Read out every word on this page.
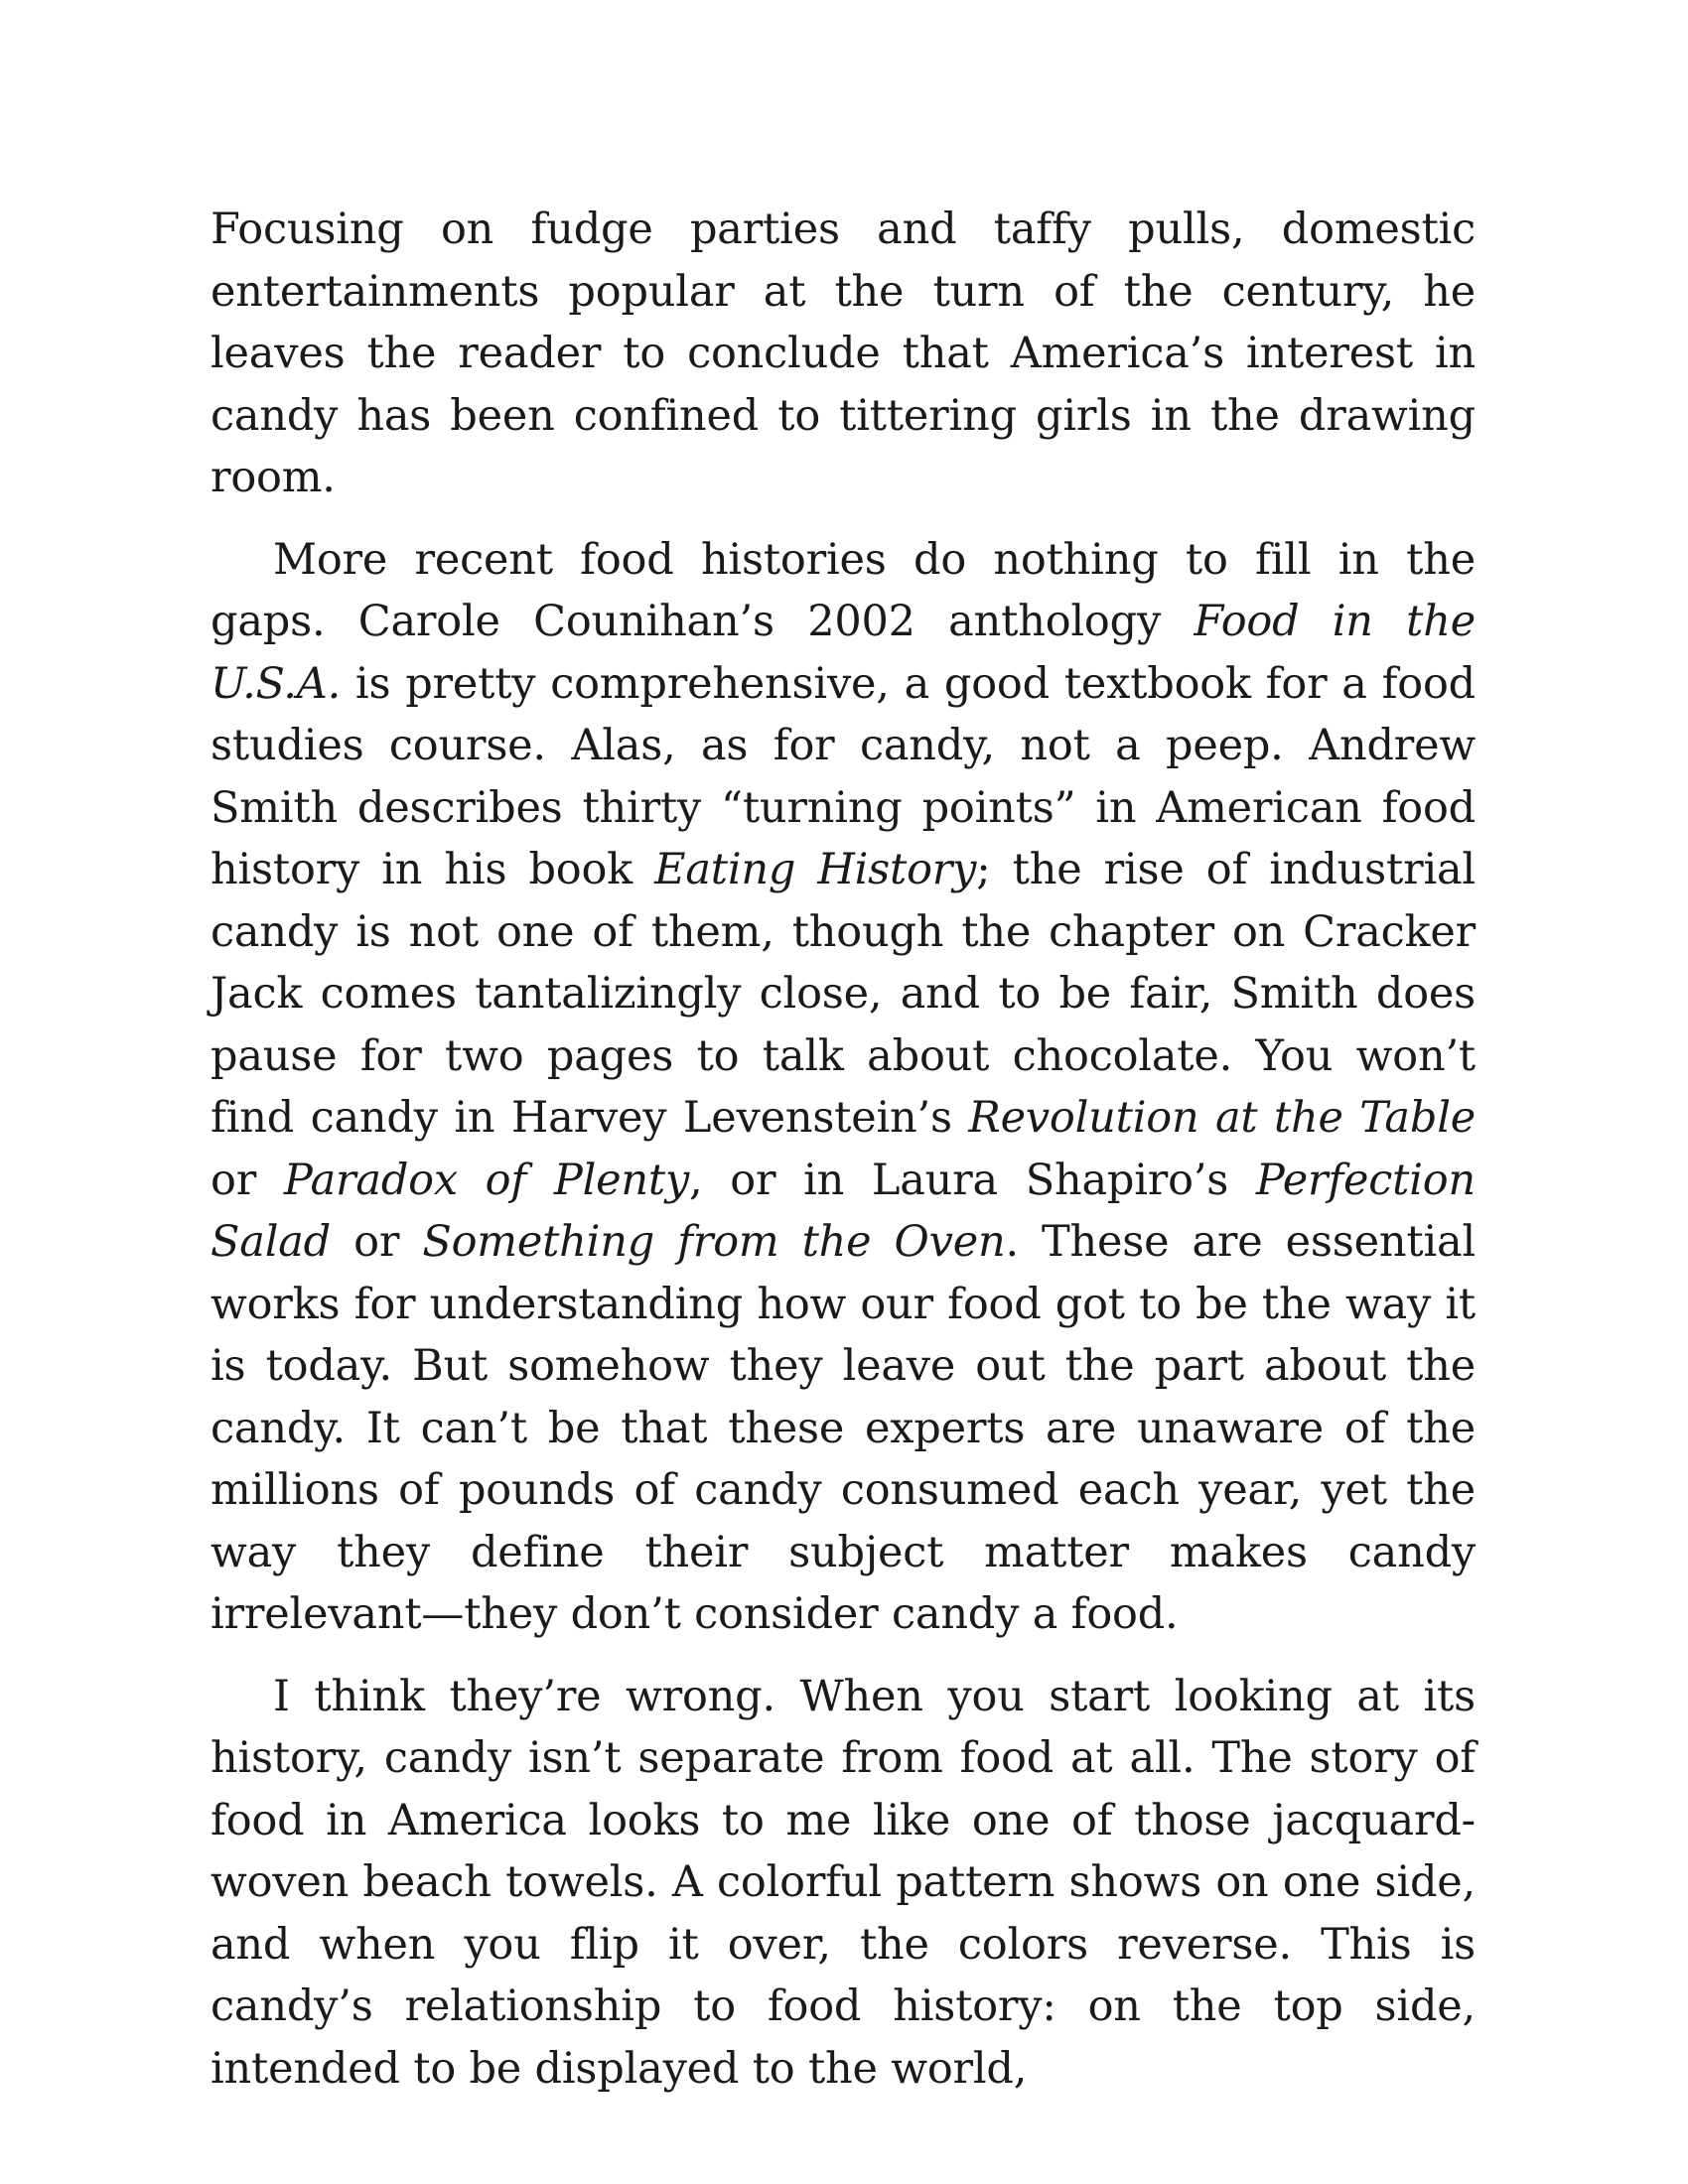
Focusing on fudge parties and taffy pulls, domestic entertainments popular at the turn of the century, he leaves the reader to conclude that America’s interest in candy has been confined to tittering girls in the drawing room.

More recent food histories do nothing to fill in the gaps. Carole Counihan’s 2002 anthology Food in the U.S.A. is pretty comprehensive, a good textbook for a food studies course. Alas, as for candy, not a peep. Andrew Smith describes thirty “turning points” in American food history in his book Eating History; the rise of industrial candy is not one of them, though the chapter on Cracker Jack comes tantalizingly close, and to be fair, Smith does pause for two pages to talk about chocolate. You won’t find candy in Harvey Levenstein’s Revolution at the Table or Paradox of Plenty, or in Laura Shapiro’s Perfection Salad or Something from the Oven. These are essential works for understanding how our food got to be the way it is today. But somehow they leave out the part about the candy. It can’t be that these experts are unaware of the millions of pounds of candy consumed each year, yet the way they define their subject matter makes candy irrelevant—they don’t consider candy a food.

I think they’re wrong. When you start looking at its history, candy isn’t separate from food at all. The story of food in America looks to me like one of those jacquard-woven beach towels. A colorful pattern shows on one side, and when you flip it over, the colors reverse. This is candy’s relationship to food history: on the top side, intended to be displayed to the world,
